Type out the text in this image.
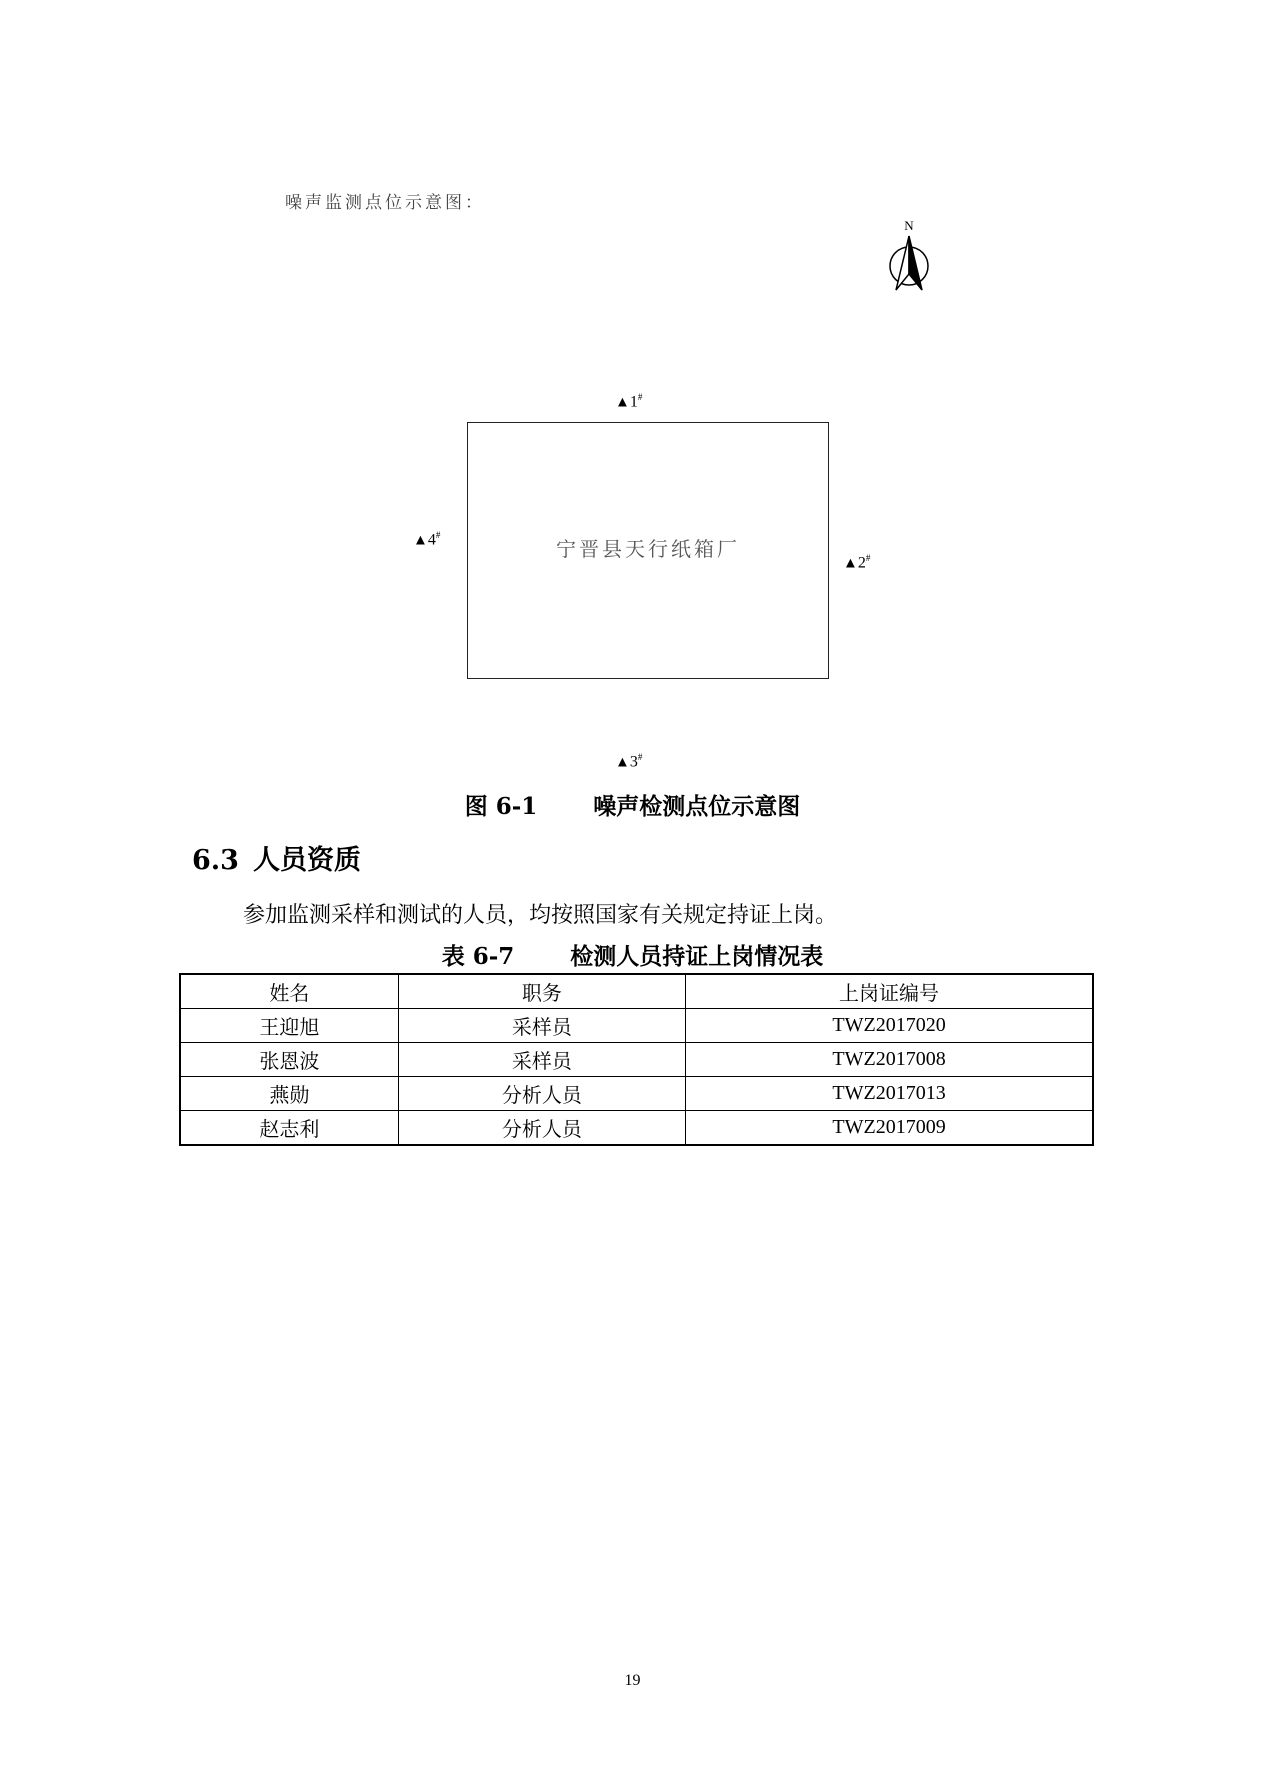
噪声监测点位示意图：
N
▲1#
▲2#
▲3#
▲4#
宁晋县天行纸箱厂
图 6-1 噪声检测点位示意图
6.3 人员资质
参加监测采样和测试的人员，均按照国家有关规定持证上岗。
表 6-7 检测人员持证上岗情况表
姓名	职务	上岗证编号
王迎旭	采样员	TWZ2017020
张恩波	采样员	TWZ2017008
燕勋	分析人员	TWZ2017013
赵志利	分析人员	TWZ2017009
19
